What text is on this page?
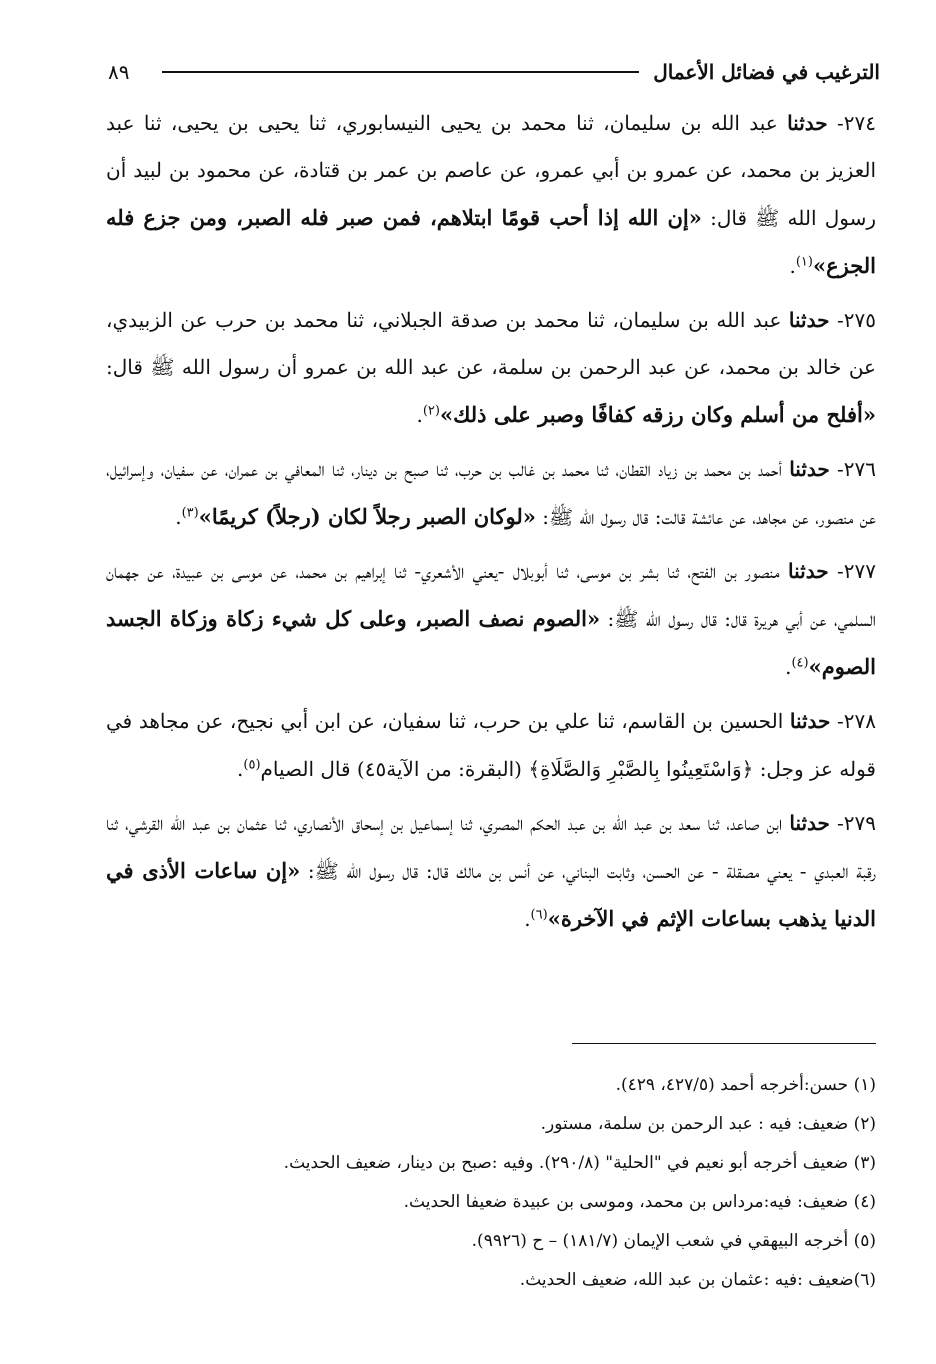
٨٩	الترغيب في فضائل الأعمال

٢٧٤- حدثنا عبد الله بن سليمان، ثنا محمد بن يحيى النيسابوري، ثنا يحيى بن يحيى، ثنا عبد العزيز بن محمد، عن عمرو بن أبي عمرو، عن عاصم بن عمر بن قتادة، عن محمود بن لبيد أن رسول الله ﷺ قال: «إن الله إذا أحب قومًا ابتلاهم، فمن صبر فله الصبر، ومن جزع فله الجزع»$^{(١)}$.

٢٧٥- حدثنا عبد الله بن سليمان، ثنا محمد بن صدقة الجبلاني، ثنا محمد بن حرب عن الزبيدي، عن خالد بن محمد، عن عبد الرحمن بن سلمة، عن عبد الله بن عمرو أن رسول الله ﷺ قال: «أفلح من أسلم وكان رزقه كفافًا وصبر على ذلك»$^{(٢)}$.

٢٧٦- حدثنا أحمد بن محمد بن زياد القطان، ثنا محمد بن غالب بن حرب، ثنا صبح بن دينار، ثنا المعافي بن عمران، عن سفيان، وإسرائيل، عن منصور، عن مجاهد، عن عائشة قالت: قال رسول الله ﷺ: «لوكان الصبر رجلاً لكان (رجلاً) كريمًا»$^{(٣)}$.

٢٧٧- حدثنا منصور بن الفتح، ثنا بشر بن موسى، ثنا أبوبلال -يعني الأشعري- ثنا إبراهيم بن محمد، عن موسى بن عبيدة، عن جهمان السلمي، عن أبي هريرة قال: قال رسول الله ﷺ: «الصوم نصف الصبر، وعلى كل شيء زكاة وزكاة الجسد الصوم»$^{(٤)}$.

٢٧٨- حدثنا الحسين بن القاسم، ثنا علي بن حرب، ثنا سفيان، عن ابن أبي نجيح، عن مجاهد في قوله عز وجل: ﴿وَاسْتَعِينُوا بِالصَّبْرِ وَالصَّلَاةِ﴾ (البقرة: من الآية٤٥) قال الصيام$^{(٥)}$.

٢٧٩- حدثنا ابن صاعد، ثنا سعد بن عبد الله بن عبد الحكم المصري، ثنا إسماعيل بن إسحاق الأنصاري، ثنا عثمان بن عبد الله القرشي، ثنا رقبة العبدي - يعني مصقلة - عن الحسن، وثابت البناني، عن أنس بن مالك قال: قال رسول الله ﷺ: «إن ساعات الأذى في الدنيا يذهب بساعات الإثم في الآخرة»$^{(٦)}$.

(١) حسن:أخرجه أحمد (٤٢٧/٥، ٤٢٩).
(٢) ضعيف: فيه : عبد الرحمن بن سلمة، مستور.
(٣) ضعيف أخرجه أبو نعيم في "الحلية" (٢٩٠/٨). وفيه :صبح بن دينار، ضعيف الحديث.
(٤) ضعيف: فيه:مرداس بن محمد، وموسى بن عبيدة ضعيفا الحديث.
(٥) أخرجه البيهقي في شعب الإيمان (١٨١/٧) – ح (٩٩٢٦).
(٦)ضعيف :فيه :عثمان بن عبد الله، ضعيف الحديث.
